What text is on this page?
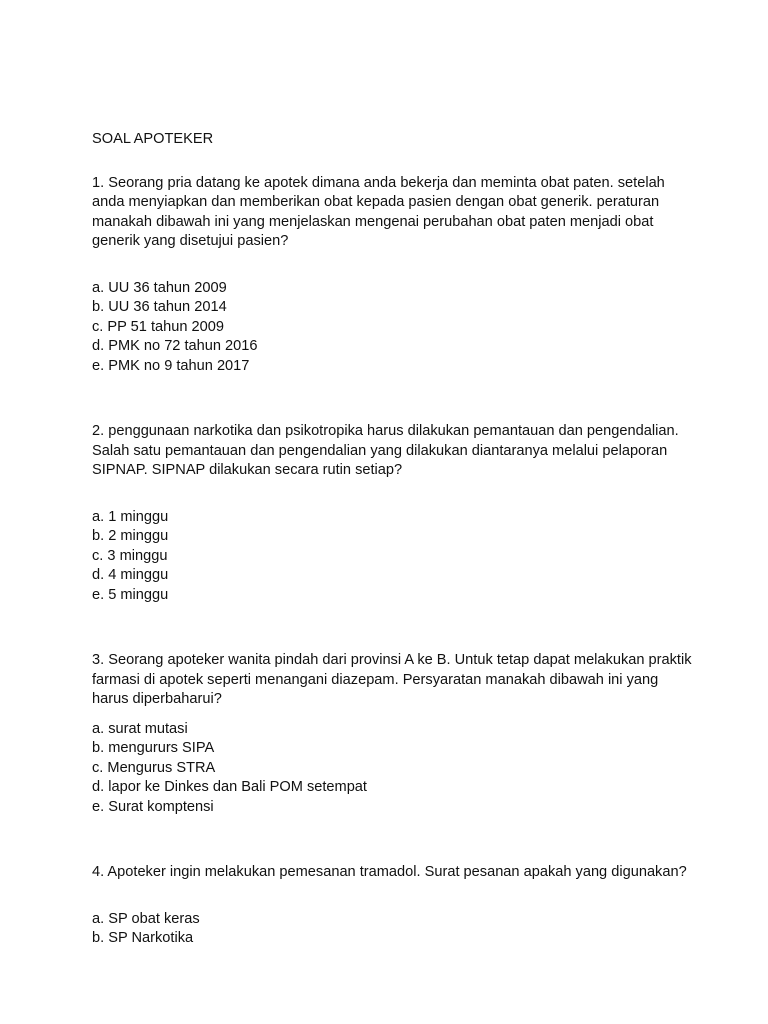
SOAL APOTEKER

1. Seorang pria datang ke apotek dimana anda bekerja dan meminta obat paten. setelah anda menyiapkan dan memberikan obat kepada pasien dengan obat generik. peraturan manakah dibawah ini yang menjelaskan mengenai perubahan obat paten menjadi obat generik yang disetujui pasien?

a. UU 36 tahun 2009
b. UU 36 tahun 2014
c. PP 51 tahun 2009
d. PMK no 72 tahun 2016
e. PMK no 9 tahun 2017

2. penggunaan narkotika dan psikotropika harus dilakukan pemantauan dan pengendalian. Salah satu pemantauan dan pengendalian yang dilakukan diantaranya melalui pelaporan SIPNAP. SIPNAP dilakukan secara rutin setiap?

a. 1 minggu
b. 2 minggu
c. 3 minggu
d. 4 minggu
e. 5 minggu

3. Seorang apoteker wanita pindah dari provinsi A ke B. Untuk tetap dapat melakukan praktik farmasi di apotek seperti menangani diazepam. Persyaratan manakah dibawah ini yang harus diperbaharui?

a. surat mutasi
b. mengururs SIPA
c. Mengurus STRA
d. lapor ke Dinkes dan Bali POM setempat
e. Surat komptensi

4. Apoteker ingin melakukan pemesanan tramadol. Surat pesanan apakah yang digunakan?

a. SP obat keras
b. SP Narkotika
